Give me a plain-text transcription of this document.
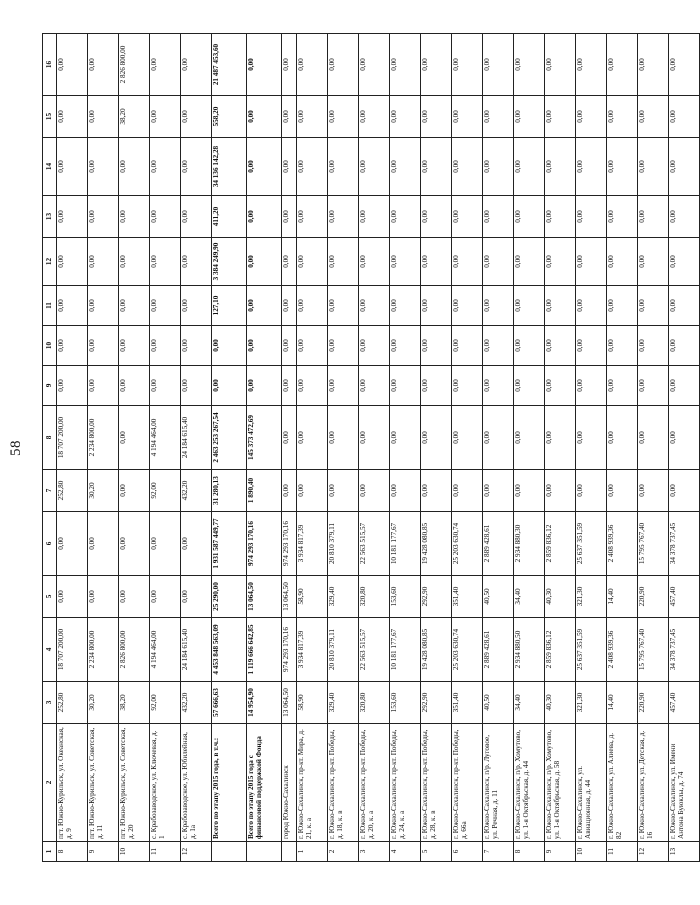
58
1	2	3	4	5	6	7	8	9	10	11	12	13	14	15	16
8	пгт. Южно-Курильск, ул. Океанская, д. 9	252,80	18 707 200,00	0,00	0,00	252,80	18 707 200,00	0,00	0,00	0,00	0,00	0,00	0,00	0,00	0,00
9	пгт. Южно-Курильск, ул. Советская, д. 11	30,20	2 234 800,00	0,00	0,00	30,20	2 234 800,00	0,00	0,00	0,00	0,00	0,00	0,00	0,00	0,00
10	пгт. Южно-Курильск, ул. Советская, д. 20	38,20	2 826 800,00	0,00	0,00	0,00	0,00	0,00	0,00	0,00	0,00	0,00	0,00	38,20	2 826 800,00
11	с. Крабозаводское, ул. Ключевая, д. 1	92,00	4 194 464,00	0,00	0,00	92,00	4 194 464,00	0,00	0,00	0,00	0,00	0,00	0,00	0,00	0,00
12	с. Крабозаводское, ул. Юбилейная, д. 1а	432,20	24 184 615,40	0,00	0,00	432,20	24 184 615,40	0,00	0,00	0,00	0,00	0,00	0,00	0,00	0,00
	Всего по этапу 2015 года, в т.ч.:	57 666,63	4 453 848 563,09	25 290,00	1 931 587 449,77	31 280,13	2 463 253 267,54	0,00	0,00	127,10	3 384 249,90	411,20	34 136 142,28	558,20	21 487 453,60
	Всего по этапу 2015 года с финансовой поддержкой Фонда	14 954,90	1 119 666 642,85	13 064,50	974 293 170,16	1 890,40	145 373 472,69	0,00	0,00	0,00	0,00	0,00	0,00	0,00	0,00
	город Южно-Сахалинск	13 064,50	974 293 170,16	13 064,50	974 293 170,16	0,00	0,00	0,00	0,00	0,00	0,00	0,00	0,00	0,00	0,00
1	г. Южно-Сахалинск, пр-кт. Мира, д. 21, к. а	58,90	3 934 817,39	58,90	3 934 817,39	0,00	0,00	0,00	0,00	0,00	0,00	0,00	0,00	0,00	0,00
2	г. Южно-Сахалинск, пр-кт. Победы, д. 18, к. в	329,40	20 810 379,11	329,40	20 810 379,11	0,00	0,00	0,00	0,00	0,00	0,00	0,00	0,00	0,00	0,00
3	г. Южно-Сахалинск, пр-кт. Победы, д. 20, к. а	320,80	22 563 515,57	320,80	22 563 515,57	0,00	0,00	0,00	0,00	0,00	0,00	0,00	0,00	0,00	0,00
4	г. Южно-Сахалинск, пр-кт. Победы, д. 24, к. а	153,60	10 181 177,67	153,60	10 181 177,67	0,00	0,00	0,00	0,00	0,00	0,00	0,00	0,00	0,00	0,00
5	г. Южно-Сахалинск, пр-кт. Победы, д. 28, к. в	292,90	19 428 080,85	292,90	19 428 080,85	0,00	0,00	0,00	0,00	0,00	0,00	0,00	0,00	0,00	0,00
6	г. Южно-Сахалинск, пр-кт. Победы, д. 66а	351,40	25 203 630,74	351,40	25 203 630,74	0,00	0,00	0,00	0,00	0,00	0,00	0,00	0,00	0,00	0,00
7	г. Южно-Сахалинск, п/р. Луговое, ул. Речная, д. 11	40,50	2 889 428,61	40,50	2 889 428,61	0,00	0,00	0,00	0,00	0,00	0,00	0,00	0,00	0,00	0,00
8	г. Южно-Сахалинск, п/р. Хомутово, ул. 1-я Октябрьская, д. 44	34,40	2 934 880,50	34,40	2 934 880,30	0,00	0,00	0,00	0,00	0,00	0,00	0,00	0,00	0,00	0,00
9	г. Южно-Сахалинск, п/р. Хомутово, ул. 1-я Октябрьская, д. 58	40,30	2 859 836,12	40,30	2 859 836,12	0,00	0,00	0,00	0,00	0,00	0,00	0,00	0,00	0,00	0,00
10	г. Южно-Сахалинск, ул. Авиационная, д. 44	321,30	25 637 351,59	321,30	25 637 351,59	0,00	0,00	0,00	0,00	0,00	0,00	0,00	0,00	0,00	0,00
11	г. Южно-Сахалинск, ул. Алиева, д. 82	14,40	2 408 939,36	14,40	2 408 939,36	0,00	0,00	0,00	0,00	0,00	0,00	0,00	0,00	0,00	0,00
12	г. Южно-Сахалинск, ул. Детская, д. 16	220,90	15 795 767,40	220,90	15 795 767,40	0,00	0,00	0,00	0,00	0,00	0,00	0,00	0,00	0,00	0,00
13	г. Южно-Сахалинск, ул. Имени Антона Буюклы, д. 74	457,40	34 378 737,45	457,40	34 378 737,45	0,00	0,00	0,00	0,00	0,00	0,00	0,00	0,00	0,00	0,00
